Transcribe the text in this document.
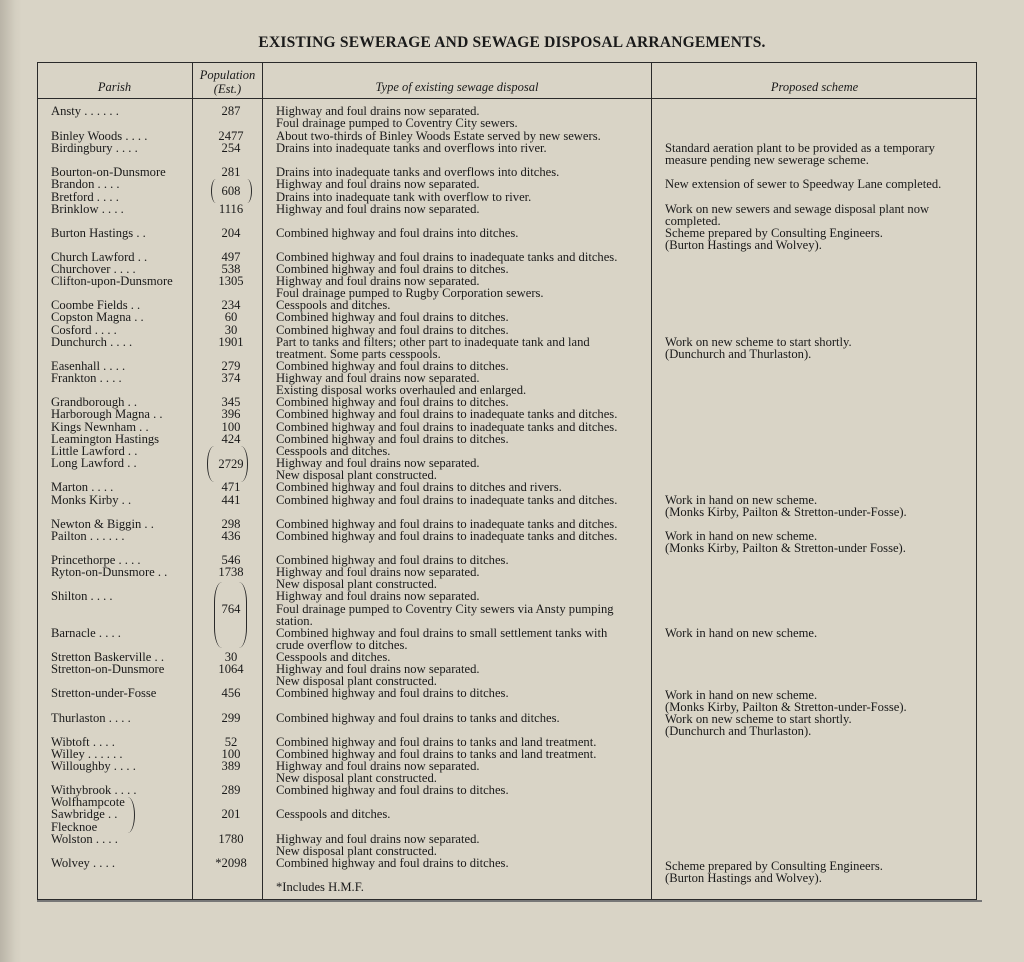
EXISTING SEWERAGE AND SEWAGE DISPOSAL ARRANGEMENTS.
Parish
Population
(Est.)	Type of existing sewage disposal	Proposed scheme
Ansty . . . . . .
Binley Woods . . . .
Birdingbury . . . .
Bourton-on-Dunsmore
Brandon . . . .
Bretford . . . .
Brinklow . . . .
Burton Hastings . .
Church Lawford . .
Churchover . . . .
Clifton-upon-Dunsmore
Coombe Fields . .
Copston Magna . .
Cosford . . . .
Dunchurch . . . .
Easenhall . . . .
Frankton . . . .
Grandborough . .
Harborough Magna . .
Kings Newnham . .
Leamington Hastings
Little Lawford . .
Long Lawford . .
Marton . . . .
Monks Kirby . .
Newton & Biggin . .
Pailton . . . . . .
Princethorpe . . . .
Ryton-on-Dunsmore . .
Shilton . . . .
Barnacle . . . .
Stretton Baskerville . .
Stretton-on-Dunsmore
Stretton-under-Fosse
Thurlaston . . . .
Wibtoft . . . .
Willey . . . . . .
Willoughby . . . .
Withybrook . . . .
Wolfhampcote
Sawbridge . .
Flecknoe
Wolston . . . .
Wolvey . . . .
287
2477
254
281
608
1116
204
497
538
1305
234
60
30
1901
279
374
345
396
100
424
2729
471
441
298
436
546
1738
764
30
1064
456
299
52
100
389
289
201
1780
*2098
Highway and foul drains now separated.
Foul drainage pumped to Coventry City sewers.
About two-thirds of Binley Woods Estate served by new sewers.
Drains into inadequate tanks and overflows into river.
Drains into inadequate tanks and overflows into ditches.
Highway and foul drains now separated.
Drains into inadequate tank with overflow to river.
Highway and foul drains now separated.
Combined highway and foul drains into ditches.
Combined highway and foul drains to inadequate tanks and ditches.
Combined highway and foul drains to ditches.
Highway and foul drains now separated.
Foul drainage pumped to Rugby Corporation sewers.
Cesspools and ditches.
Combined highway and foul drains to ditches.
Combined highway and foul drains to ditches.
Part to tanks and filters; other part to inadequate tank and land
treatment. Some parts cesspools.
Combined highway and foul drains to ditches.
Highway and foul drains now separated.
Existing disposal works overhauled and enlarged.
Combined highway and foul drains to ditches.
Combined highway and foul drains to inadequate tanks and ditches.
Combined highway and foul drains to inadequate tanks and ditches.
Combined highway and foul drains to ditches.
Cesspools and ditches.
Highway and foul drains now separated.
New disposal plant constructed.
Combined highway and foul drains to ditches and rivers.
Combined highway and foul drains to inadequate tanks and ditches.
Combined highway and foul drains to inadequate tanks and ditches.
Combined highway and foul drains to inadequate tanks and ditches.
Combined highway and foul drains to ditches.
Highway and foul drains now separated.
New disposal plant constructed.
Highway and foul drains now separated.
Foul drainage pumped to Coventry City sewers via Ansty pumping
station.
Combined highway and foul drains to small settlement tanks with
crude overflow to ditches.
Cesspools and ditches.
Highway and foul drains now separated.
New disposal plant constructed.
Combined highway and foul drains to ditches.
Combined highway and foul drains to tanks and ditches.
Combined highway and foul drains to tanks and land treatment.
Combined highway and foul drains to tanks and land treatment.
Highway and foul drains now separated.
New disposal plant constructed.
Combined highway and foul drains to ditches.
Cesspools and ditches.
Highway and foul drains now separated.
New disposal plant constructed.
Combined highway and foul drains to ditches.
*Includes H.M.F.
Standard aeration plant to be provided as a temporary
measure pending new sewerage scheme.
New extension of sewer to Speedway Lane completed.
Work on new sewers and sewage disposal plant now
completed.
Scheme prepared by Consulting Engineers.
(Burton Hastings and Wolvey).
Work on new scheme to start shortly.
(Dunchurch and Thurlaston).
Work in hand on new scheme.
(Monks Kirby, Pailton & Stretton-under-Fosse).
Work in hand on new scheme.
(Monks Kirby, Pailton & Stretton-under Fosse).
Work in hand on new scheme.
Work in hand on new scheme.
(Monks Kirby, Pailton & Stretton-under-Fosse).
Work on new scheme to start shortly.
(Dunchurch and Thurlaston).
Scheme prepared by Consulting Engineers.
(Burton Hastings and Wolvey).
